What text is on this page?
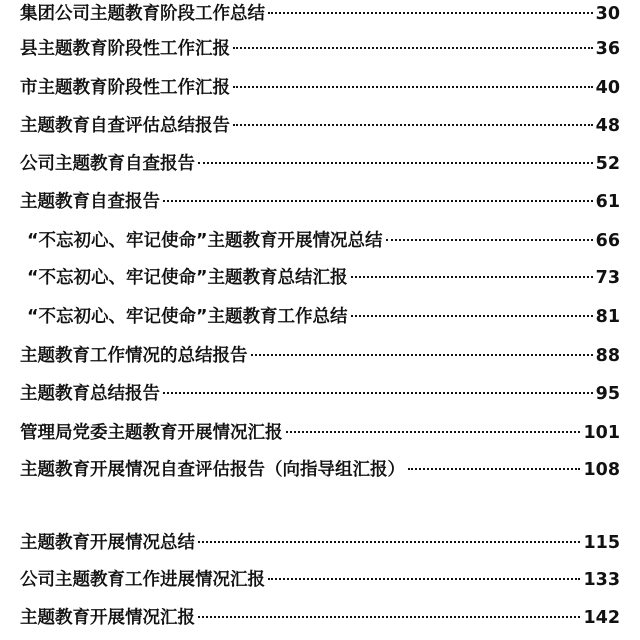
集团公司主题教育阶段工作总结	30
县主题教育阶段性工作汇报	36
市主题教育阶段性工作汇报	40
主题教育自查评估总结报告	48
公司主题教育自查报告	52
主题教育自查报告	61
“不忘初心、牢记使命”主题教育开展情况总结	66
“不忘初心、牢记使命”主题教育总结汇报	73
“不忘初心、牢记使命”主题教育工作总结	81
主题教育工作情况的总结报告	88
主题教育总结报告	95
管理局党委主题教育开展情况汇报	101
主题教育开展情况自查评估报告（向指导组汇报）	108
主题教育开展情况总结	115
公司主题教育工作进展情况汇报	133
主题教育开展情况汇报	142
